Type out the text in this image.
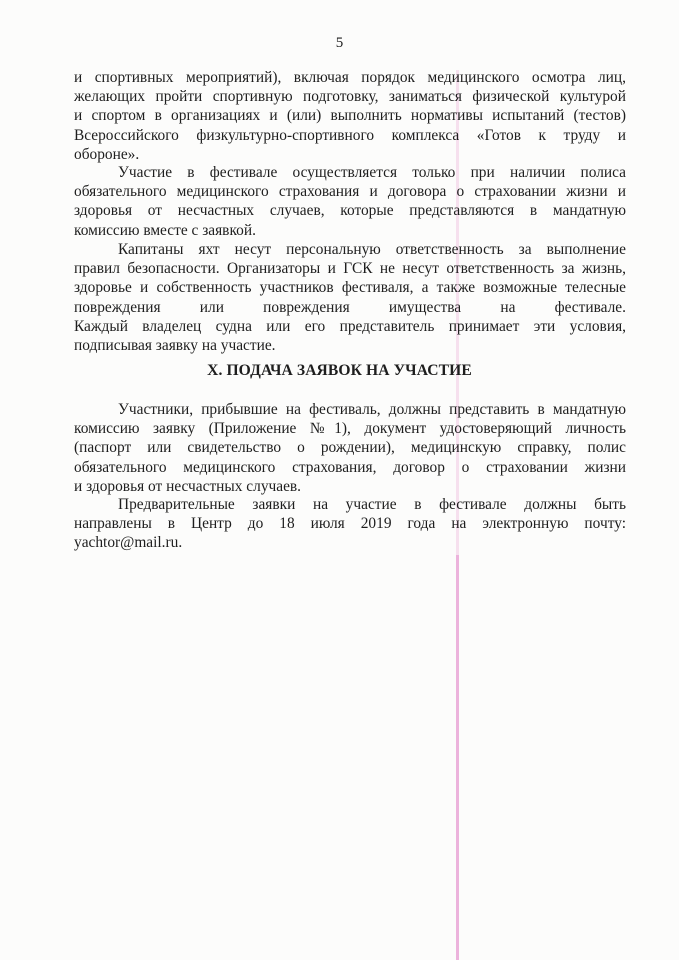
5
и спортивных мероприятий), включая порядок медицинского осмотра лиц,
желающих пройти спортивную подготовку, заниматься физической культурой
и спортом в организациях и (или) выполнить нормативы испытаний (тестов)
Всероссийского физкультурно-спортивного комплекса «Готов к труду и
обороне».
Участие в фестивале осуществляется только при наличии полиса
обязательного медицинского страхования и договора о страховании жизни и
здоровья от несчастных случаев, которые представляются в мандатную
комиссию вместе с заявкой.
Капитаны яхт несут персональную ответственность за выполнение
правил безопасности. Организаторы и ГСК не несут ответственность за жизнь,
здоровье и собственность участников фестиваля, а также возможные телесные
повреждения или повреждения имущества на фестивале.
Каждый владелец судна или его представитель принимает эти условия,
подписывая заявку на участие.
X. ПОДАЧА ЗАЯВОК НА УЧАСТИЕ
Участники, прибывшие на фестиваль, должны представить в мандатную
комиссию заявку (Приложение №1), документ удостоверяющий личность
(паспорт или свидетельство о рождении), медицинскую справку, полис
обязательного медицинского страхования, договор о страховании жизни
и здоровья от несчастных случаев.
Предварительные заявки на участие в фестивале должны быть
направлены в Центр до 18 июля 2019 года на электронную почту:
yachtor@mail.ru.
